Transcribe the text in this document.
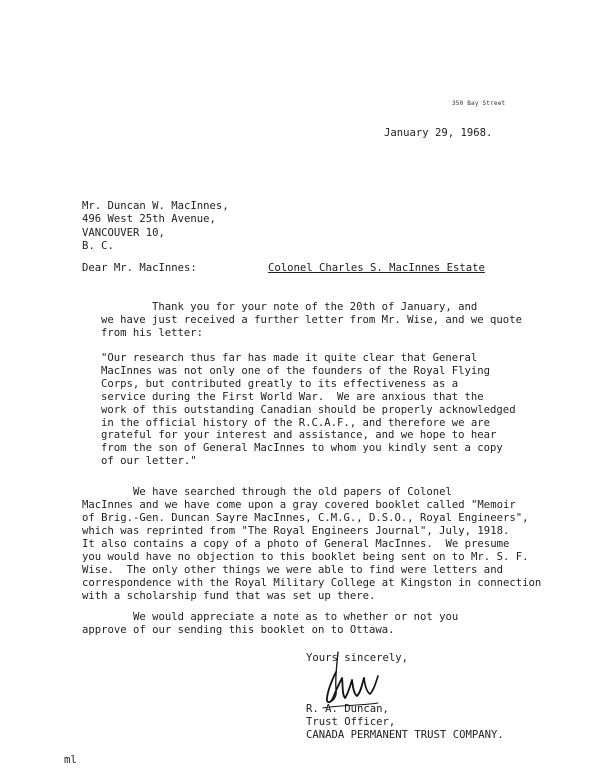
350 Bay Street
January 29, 1968.
Mr. Duncan W. MacInnes,
496 West 25th Avenue,
VANCOUVER 10,
B. C.
Dear Mr. MacInnes:	Colonel Charles S. MacInnes Estate
Thank you for your note of the 20th of January, and
we have just received a further letter from Mr. Wise, and we quote
from his letter:
"Our research thus far has made it quite clear that General
MacInnes was not only one of the founders of the Royal Flying
Corps, but contributed greatly to its effectiveness as a
service during the First World War.  We are anxious that the
work of this outstanding Canadian should be properly acknowledged
in the official history of the R.C.A.F., and therefore we are
grateful for your interest and assistance, and we hope to hear
from the son of General MacInnes to whom you kindly sent a copy
of our letter."
We have searched through the old papers of Colonel
MacInnes and we have come upon a gray covered booklet called "Memoir
of Brig.-Gen. Duncan Sayre MacInnes, C.M.G., D.S.O., Royal Engineers",
which was reprinted from "The Royal Engineers Journal", July, 1918.
It also contains a copy of a photo of General MacInnes.  We presume
you would have no objection to this booklet being sent on to Mr. S. F.
Wise.  The only other things we were able to find were letters and
correspondence with the Royal Military College at Kingston in connection
with a scholarship fund that was set up there.
We would appreciate a note as to whether or not you
approve of our sending this booklet on to Ottawa.
Yours sincerely,
R. A. Duncan,
Trust Officer,
CANADA PERMANENT TRUST COMPANY.
ml
